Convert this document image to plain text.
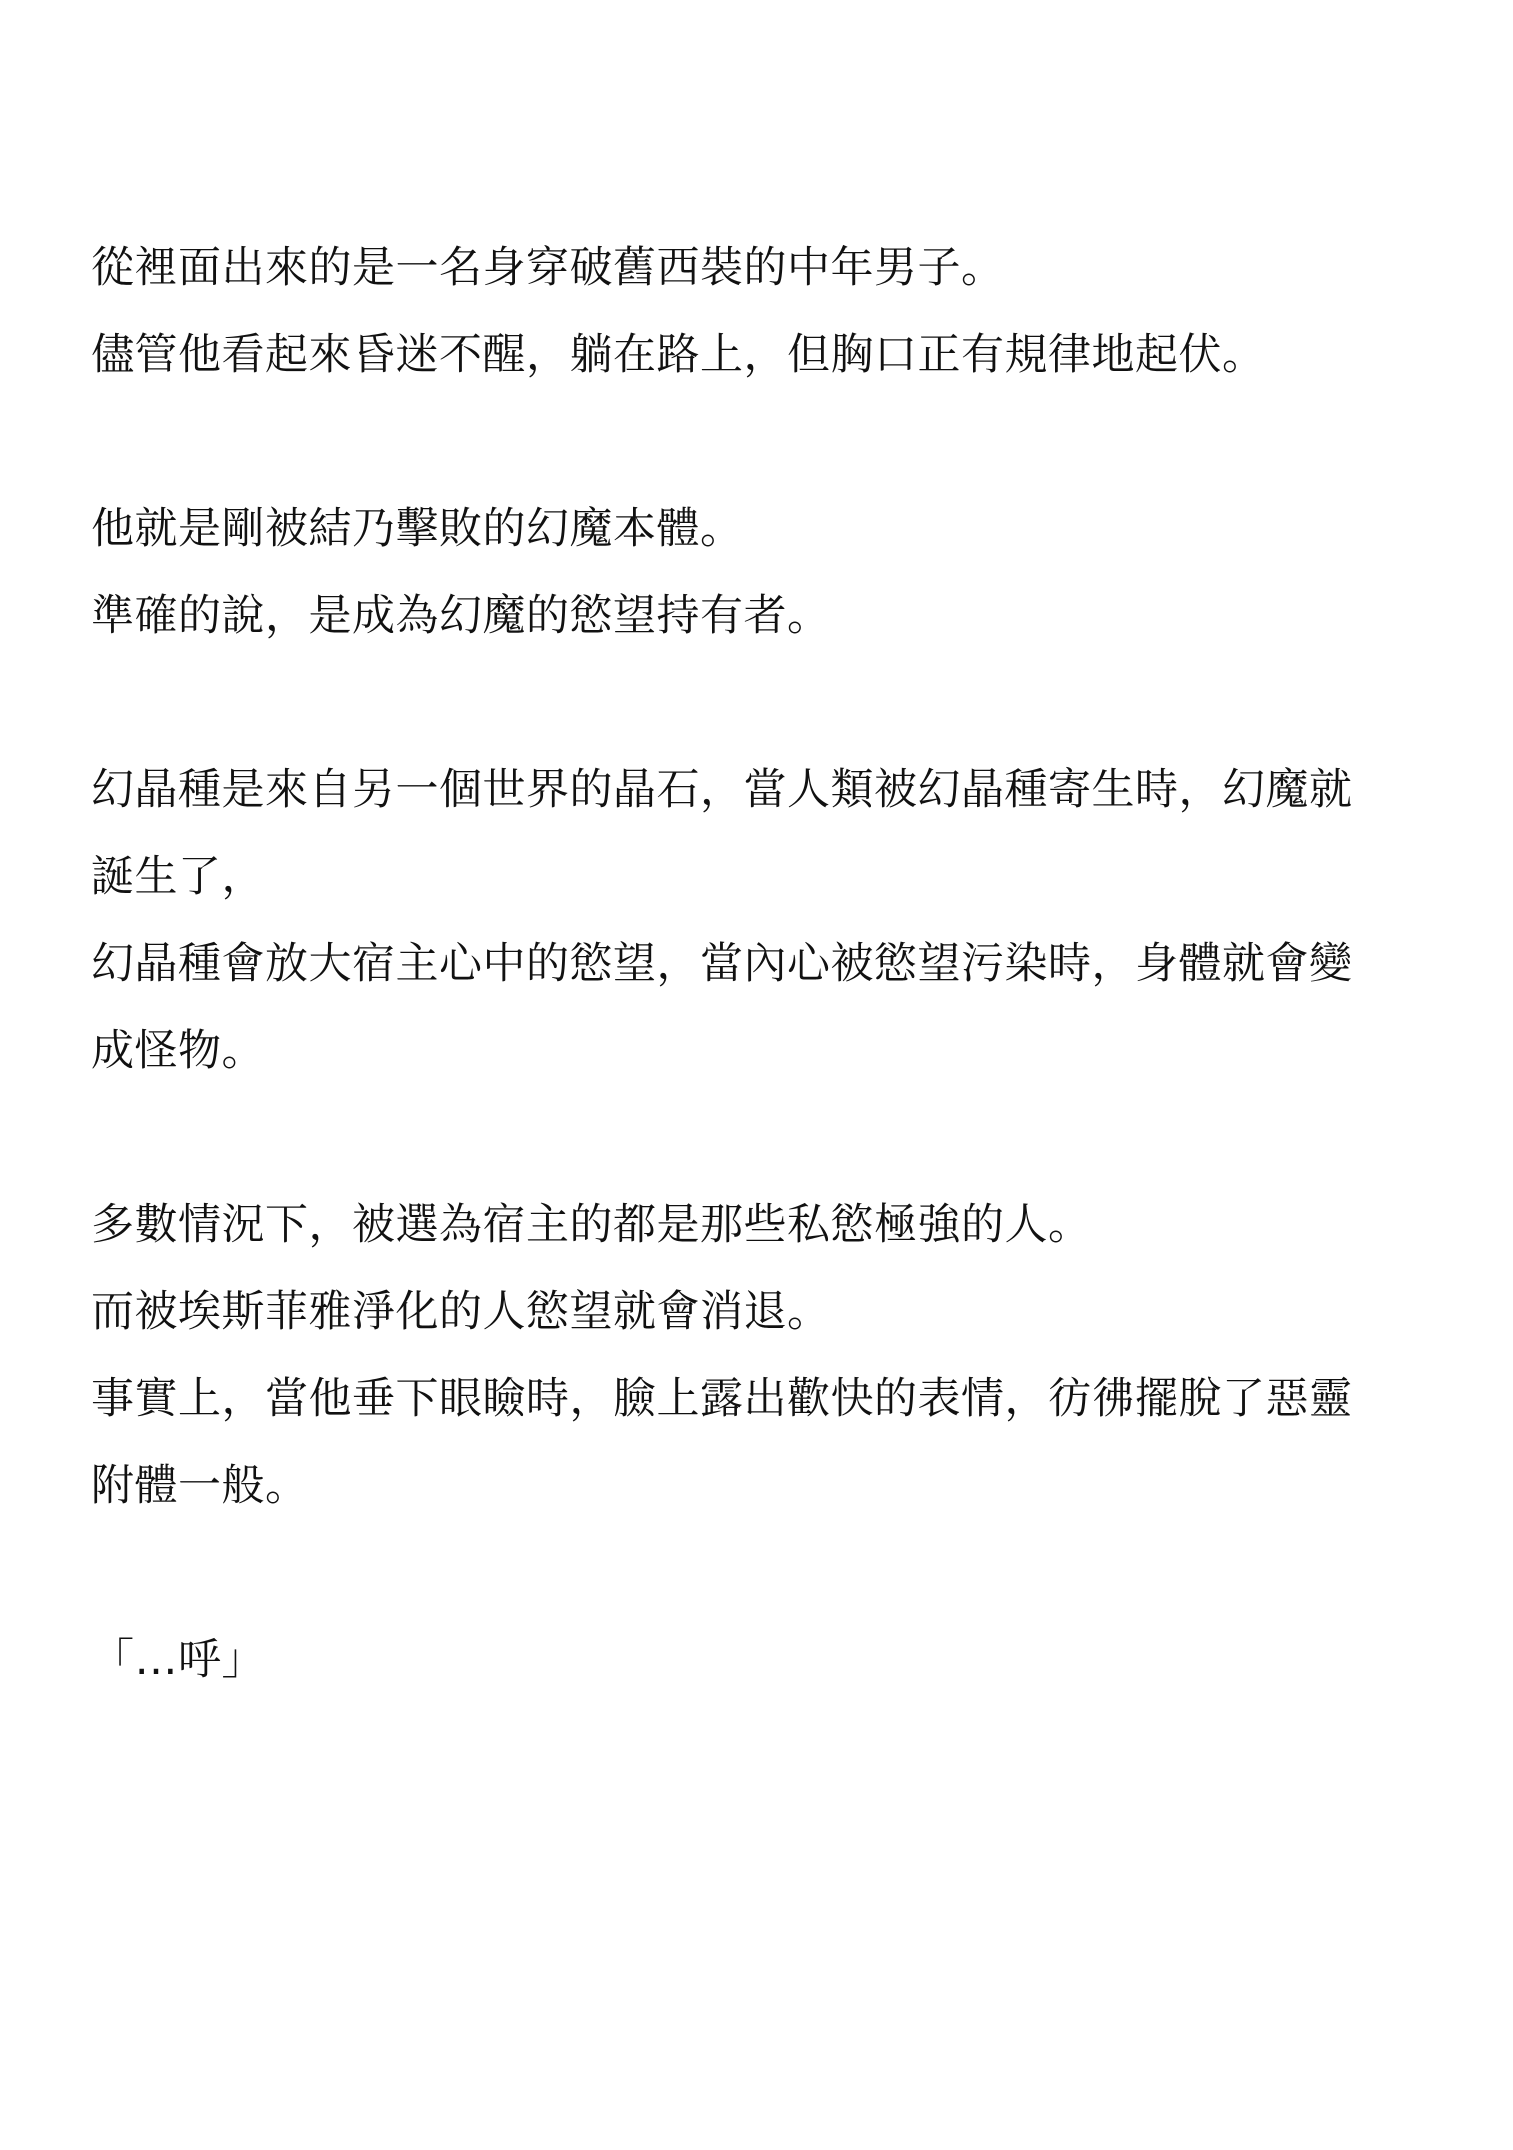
從裡面出來的是一名身穿破舊西裝的中年男子。
儘管他看起來昏迷不醒，躺在路上，但胸口正有規律地起伏。

他就是剛被結乃擊敗的幻魔本體。
準確的說，是成為幻魔的慾望持有者。

幻晶種是來自另一個世界的晶石，當人類被幻晶種寄生時，幻魔就
誕生了，
幻晶種會放大宿主心中的慾望，當內心被慾望污染時，身體就會變
成怪物。

多數情況下，被選為宿主的都是那些私慾極強的人。
而被埃斯菲雅淨化的人慾望就會消退。
事實上，當他垂下眼瞼時，臉上露出歡快的表情，彷彿擺脫了惡靈
附體一般。

「…呼」
